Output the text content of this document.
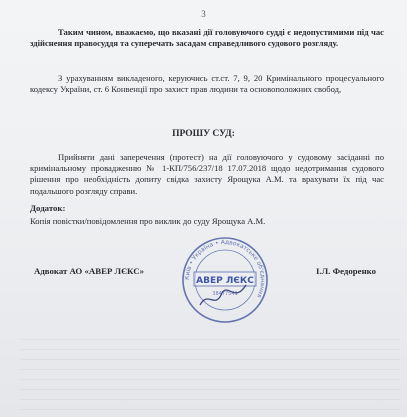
3
Таким чином, вважаємо, що вказані дії головуючого судді є недопустимими під час здійснення правосуддя та суперечать засадам справедливого судового розгляду.
З урахуванням викладеного, керуючись ст.ст. 7, 9, 20 Кримінального процесуального кодексу України, ст. 6 Конвенції про захист прав людини та основоположних свобод,
ПРОШУ СУД:
Прийняти дані заперечення (протест) на дії головуючого у судовому засіданні по кримінальному провадженню № 1-КП/756/237/18 17.07.2018 щодо недотримання судового рішення про необхідність допиту свідка захисту Ярощука А.М. та врахувати їх під час подальшого розгляду справи.
Додаток:
Копія повістки/повідомлення про виклик до суду Ярощука А.М.
Адвокат АО «АВЕР ЛЄКС»
Київ • Україна • Адвокатське об'єднання
АВЕР ЛЄКС
38477541
І.Л. Федоренко
